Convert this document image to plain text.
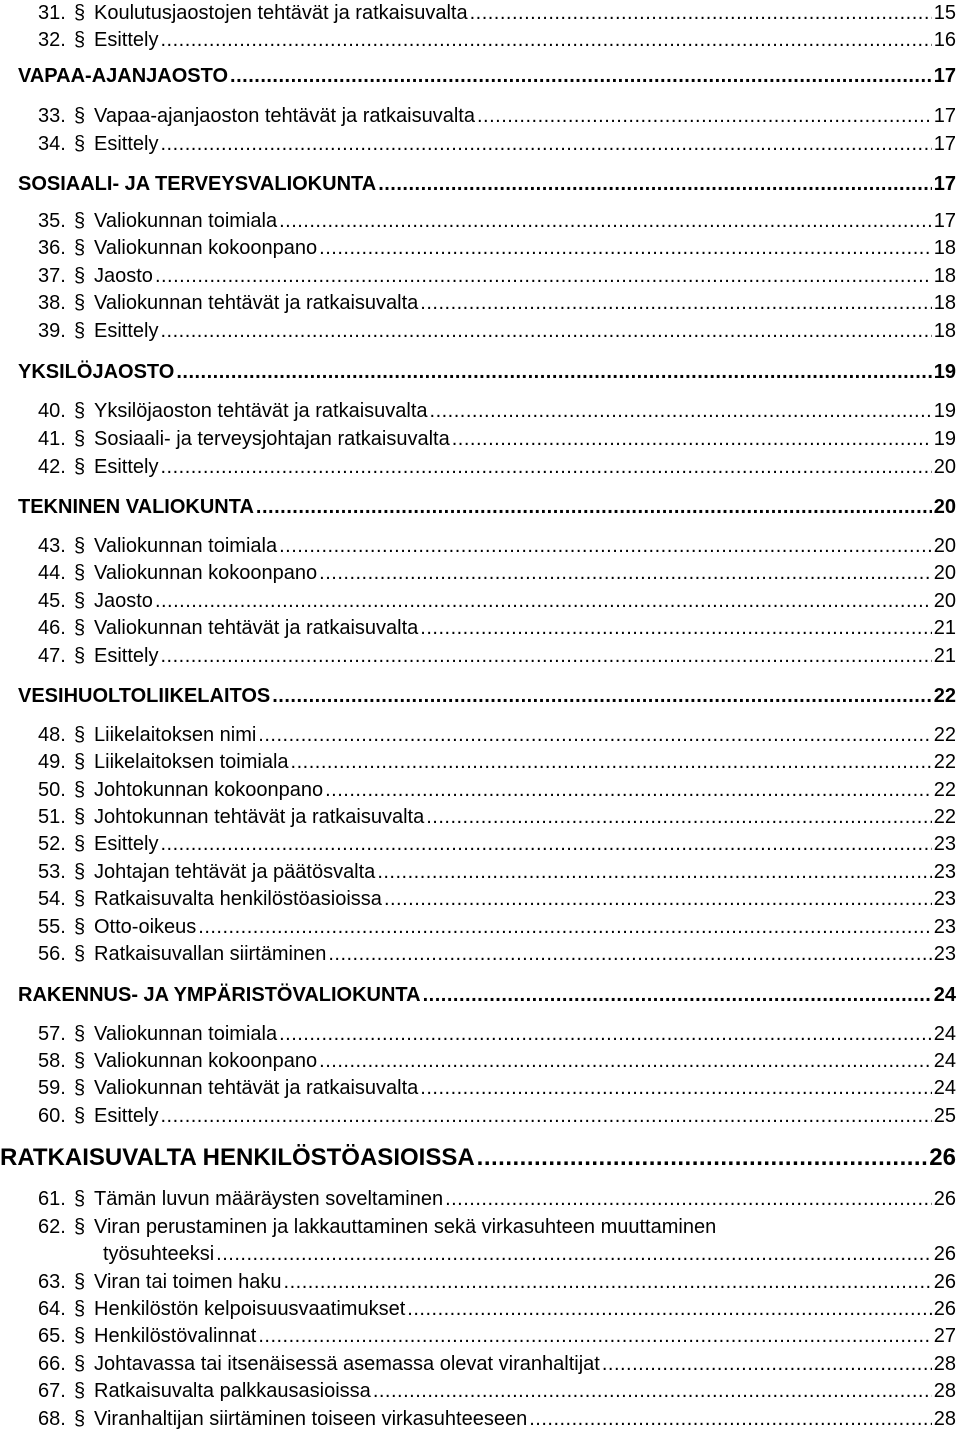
31. § Koulutusjaostojen tehtävät ja ratkaisuvalta .....	15
32. § Esittely .....	16
VAPAA-AJANJAOSTO .....	17
33. § Vapaa-ajanjaoston tehtävät ja ratkaisuvalta .....	17
34. § Esittely .....	17
SOSIAALI- JA TERVEYSVALIOKUNTA .....	17
35. § Valiokunnan toimiala .....	17
36. § Valiokunnan kokoonpano .....	18
37. § Jaosto .....	18
38. § Valiokunnan tehtävät ja ratkaisuvalta .....	18
39. § Esittely .....	18
YKSILÖJAOSTO .....	19
40. § Yksilöjaoston tehtävät ja ratkaisuvalta .....	19
41. § Sosiaali- ja terveysjohtajan ratkaisuvalta .....	19
42. § Esittely .....	20
TEKNINEN VALIOKUNTA .....	20
43. § Valiokunnan toimiala .....	20
44. § Valiokunnan kokoonpano .....	20
45. § Jaosto .....	20
46. § Valiokunnan tehtävät ja ratkaisuvalta .....	21
47. § Esittely .....	21
VESIHUOLTOLIIKELAITOS .....	22
48. § Liikelaitoksen nimi .....	22
49. § Liikelaitoksen toimiala .....	22
50. § Johtokunnan kokoonpano .....	22
51. § Johtokunnan tehtävät ja ratkaisuvalta .....	22
52. § Esittely .....	23
53. § Johtajan tehtävät ja päätösvalta .....	23
54. § Ratkaisuvalta henkilöstöasioissa .....	23
55. § Otto-oikeus .....	23
56. § Ratkaisuvallan siirtäminen .....	23
RAKENNUS- JA YMPÄRISTÖVALIOKUNTA .....	24
57. § Valiokunnan toimiala .....	24
58. § Valiokunnan kokoonpano .....	24
59. § Valiokunnan tehtävät ja ratkaisuvalta .....	24
60. § Esittely .....	25
RATKAISUVALTA HENKILÖSTÖASIOISSA .....	26
61. § Tämän luvun määräysten soveltaminen .....	26
62. § Viran perustaminen ja lakkauttaminen sekä virkasuhteen muuttaminen
työsuhteeksi .....	26
63. § Viran tai toimen haku .....	26
64. § Henkilöstön kelpoisuusvaatimukset .....	26
65. § Henkilöstövalinnat .....	27
66. § Johtavassa tai itsenäisessä asemassa olevat viranhaltijat .....	28
67. § Ratkaisuvalta palkkausasioissa .....	28
68. § Viranhaltijan siirtäminen toiseen virkasuhteeseen .....	28
